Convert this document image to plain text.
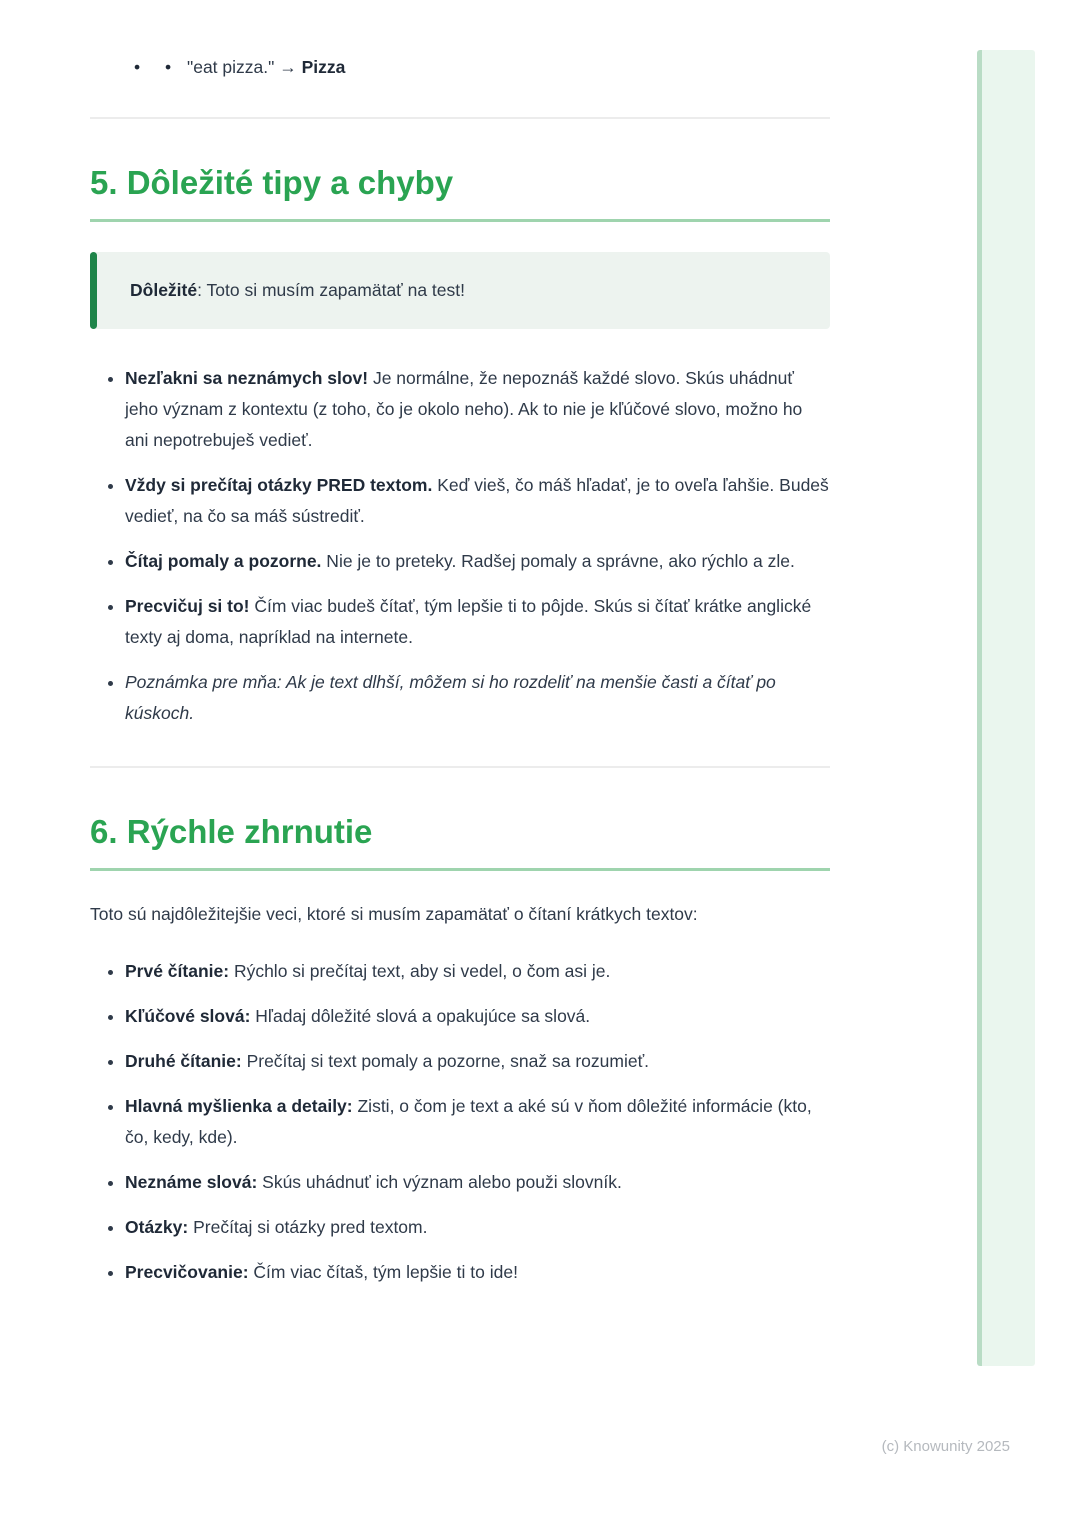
•	• "eat pizza." → Pizza
5. Dôležité tipy a chyby

Dôležité: Toto si musím zapamätať na test!

• Nezľakni sa neznámych slov! Je normálne, že nepoznáš každé slovo. Skús uhádnuť jeho význam z kontextu (z toho, čo je okolo neho). Ak to nie je kľúčové slovo, možno ho ani nepotrebuješ vedieť.
• Vždy si prečítaj otázky PRED textom. Keď vieš, čo máš hľadať, je to oveľa ľahšie. Budeš vedieť, na čo sa máš sústrediť.
• Čítaj pomaly a pozorne. Nie je to preteky. Radšej pomaly a správne, ako rýchlo a zle.
• Precvičuj si to! Čím viac budeš čítať, tým lepšie ti to pôjde. Skús si čítať krátke anglické texty aj doma, napríklad na internete.
• Poznámka pre mňa: Ak je text dlhší, môžem si ho rozdeliť na menšie časti a čítať po kúskoch.
6. Rýchle zhrnutie

Toto sú najdôležitejšie veci, ktoré si musím zapamätať o čítaní krátkych textov:

• Prvé čítanie: Rýchlo si prečítaj text, aby si vedel, o čom asi je.
• Kľúčové slová: Hľadaj dôležité slová a opakujúce sa slová.
• Druhé čítanie: Prečítaj si text pomaly a pozorne, snaž sa rozumieť.
• Hlavná myšlienka a detaily: Zisti, o čom je text a aké sú v ňom dôležité informácie (kto, čo, kedy, kde).
• Neznáme slová: Skús uhádnuť ich význam alebo použi slovník.
• Otázky: Prečítaj si otázky pred textom.
• Precvičovanie: Čím viac čítaš, tým lepšie ti to ide!
(c) Knowunity 2025
